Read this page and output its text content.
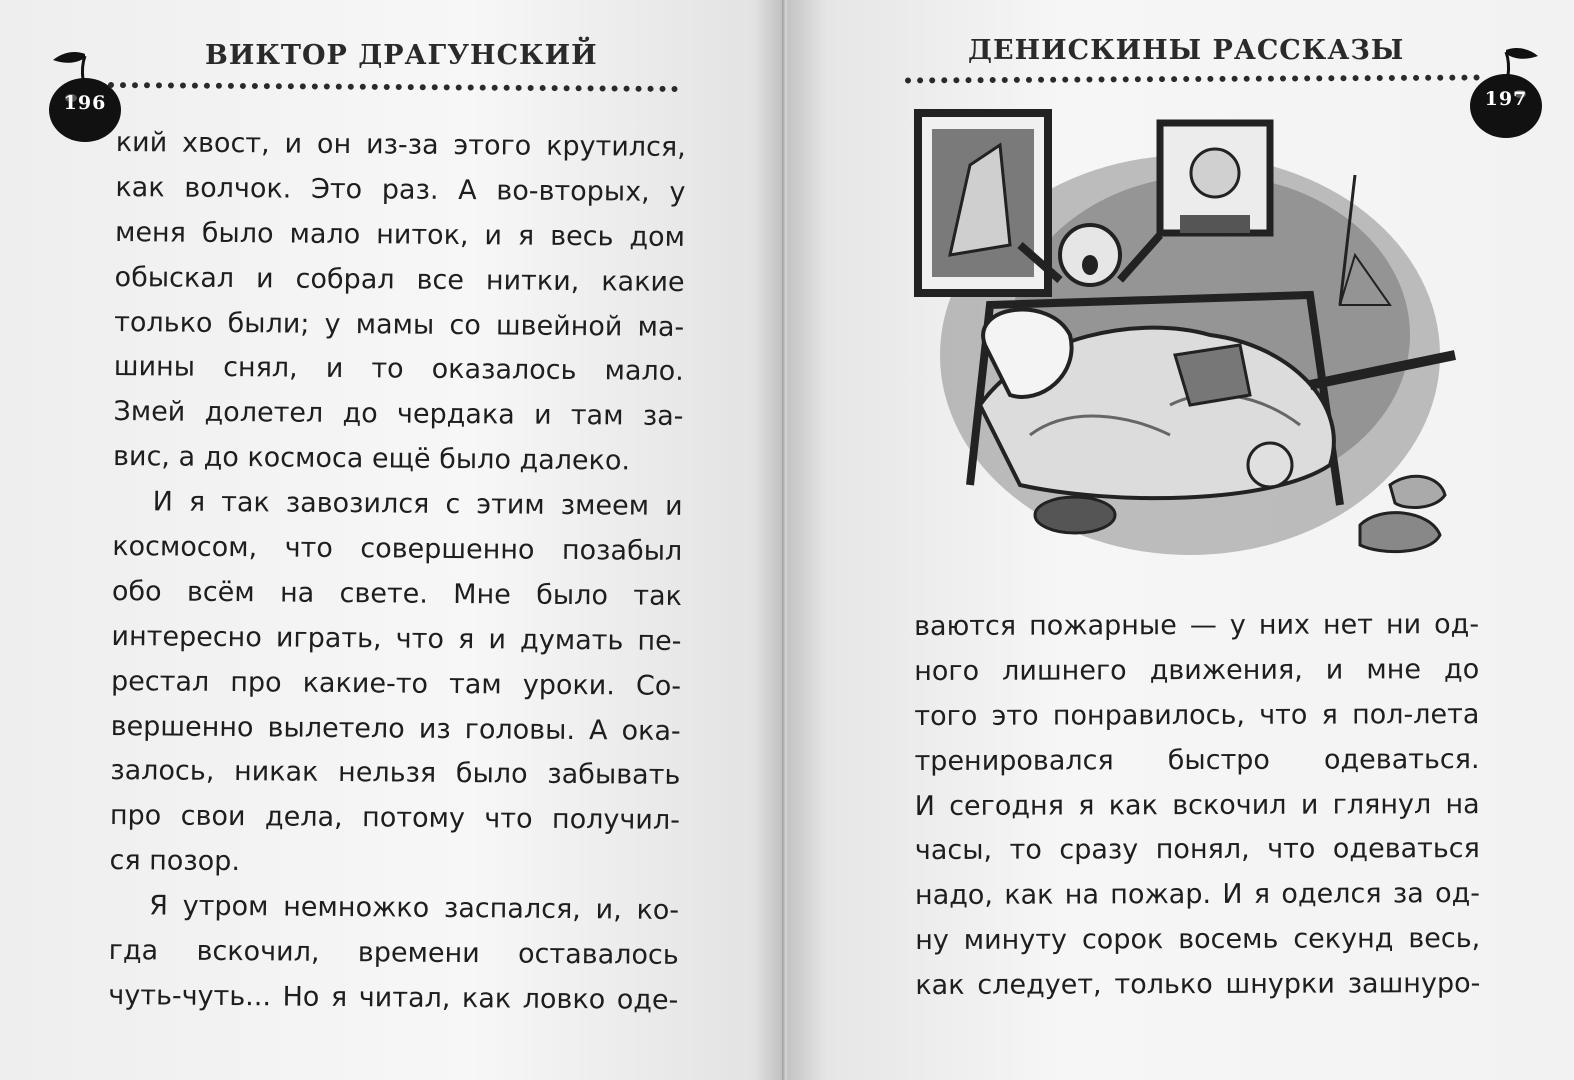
196
ВИКТОР ДРАГУНСКИЙ
кий хвост, и он из-за этого крутился,
как волчок. Это раз. А во-вторых, у
меня было мало ниток, и я весь дом
обыскал и собрал все нитки, какие
только были; у мамы со швейной ма-
шины снял, и то оказалось мало.
Змей долетел до чердака и там за-
вис, а до космоса ещё было далеко.
И я так завозился с этим змеем и
космосом, что совершенно позабыл
обо всём на свете. Мне было так
интересно играть, что я и думать пе-
рестал про какие-то там уроки. Со-
вершенно вылетело из головы. А ока-
залось, никак нельзя было забывать
про свои дела, потому что получил-
ся позор.
Я утром немножко заспался, и, ко-
гда вскочил, времени оставалось
чуть-чуть... Но я читал, как ловко оде-
ДЕНИСКИНЫ РАССКАЗЫ
197
ваются пожарные — у них нет ни од-
ного лишнего движения, и мне до
того это понравилось, что я пол-лета
тренировался быстро одеваться.
И сегодня я как вскочил и глянул на
часы, то сразу понял, что одеваться
надо, как на пожар. И я оделся за од-
ну минуту сорок восемь секунд весь,
как следует, только шнурки зашнуро-
